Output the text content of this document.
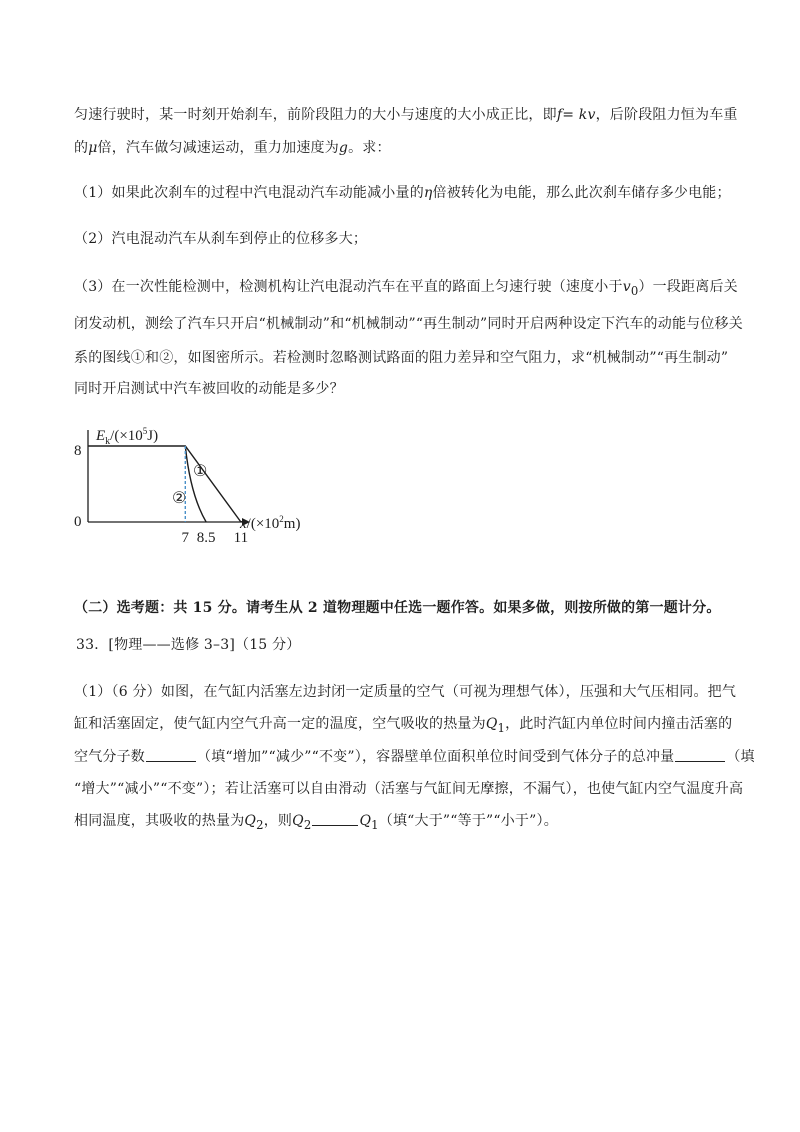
匀速行驶时，某一时刻开始刹车，前阶段阻力的大小与速度的大小成正比，即f= kv，后阶段阻力恒为车重
的μ倍，汽车做匀减速运动，重力加速度为g。求：
（1）如果此次刹车的过程中汽电混动汽车动能减小量的η倍被转化为电能，那么此次刹车储存多少电能；
（2）汽电混动汽车从刹车到停止的位移多大；
（3）在一次性能检测中，检测机构让汽电混动汽车在平直的路面上匀速行驶（速度小于$v_0$）一段距离后关
闭发动机，测绘了汽车只开启“机械制动”和“机械制动”“再生制动”同时开启两种设定下汽车的动能与位移关
系的图线①和②，如图密所示。若检测时忽略测试路面的阻力差异和空气阻力，求“机械制动”“再生制动”
同时开启测试中汽车被回收的动能是多少？
7 8.5 11
①
②
$E_k/(\times 10^5J)$
$x/(\times 10^2m)$
0
8
（二）选考题：共 15 分。请考生从 2 道物理题中任选一题作答。如果多做，则按所做的第一题计分。
33．[物理——选修 3–3]（15 分）
（1）（6 分）如图，在气缸内活塞左边封闭一定质量的空气（可视为理想气体），压强和大气压相同。把气
缸和活塞固定，使气缸内空气升高一定的温度，空气吸收的热量为$Q_1$，此时汽缸内单位时间内撞击活塞的
空气分子数	（填“增加”“减少”“不变”），容器壁单位面积单位时间受到气体分子的总冲量	（填
“增大”“减小”“不变”）；若让活塞可以自由滑动（活塞与气缸间无摩擦，不漏气），也使气缸内空气温度升高
相同温度，其吸收的热量为$Q_2$，则$Q_2$	$Q_1$（填“大于”“等于”“小于”）。
